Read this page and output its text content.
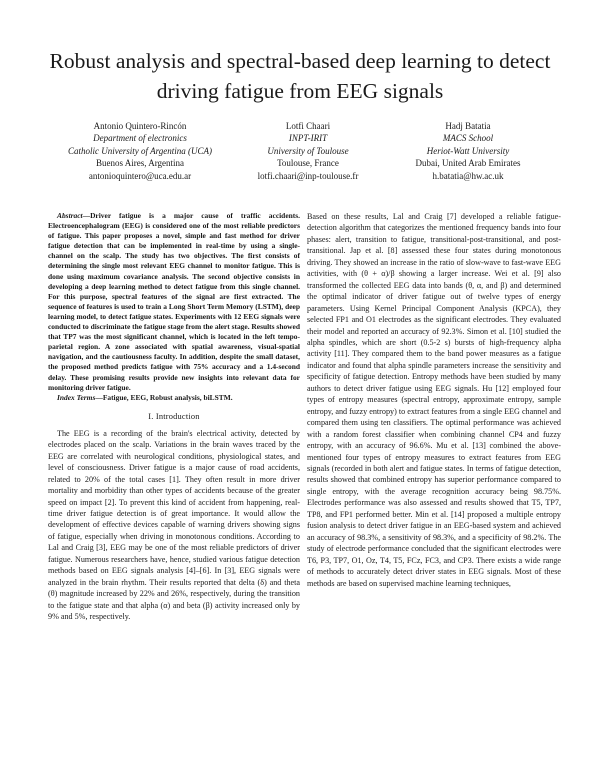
Robust analysis and spectral-based deep learning to detect driving fatigue from EEG signals
Antonio Quintero-Rincón
Department of electronics
Catholic University of Argentina (UCA)
Buenos Aires, Argentina
antonioquintero@uca.edu.ar
Lotfi Chaari
INPT-IRIT
University of Toulouse
Toulouse, France
lotfi.chaari@inp-toulouse.fr
Hadj Batatia
MACS School
Heriot-Watt University
Dubai, United Arab Emirates
h.batatia@hw.ac.uk

Abstract—Driver fatigue is a major cause of traffic accidents. Electroencephalogram (EEG) is considered one of the most reliable predictors of fatigue. This paper proposes a novel, simple and fast method for driver fatigue detection that can be implemented in real-time by using a single-channel on the scalp. The study has two objectives. The first consists of determining the single most relevant EEG channel to monitor fatigue. This is done using maximum covariance analysis. The second objective consists in developing a deep learning method to detect fatigue from this single channel. For this purpose, spectral features of the signal are first extracted. The sequence of features is used to train a Long Short Term Memory (LSTM), deep learning model, to detect fatigue states. Experiments with 12 EEG signals were conducted to discriminate the fatigue stage from the alert stage. Results showed that TP7 was the most significant channel, which is located in the left tempo-parietal region. A zone associated with spatial awareness, visual-spatial navigation, and the cautiousness faculty. In addition, despite the small dataset, the proposed method predicts fatigue with 75% accuracy and a 1.4-second delay. These promising results provide new insights into relevant data for monitoring driver fatigue.

Index Terms—Fatigue, EEG, Robust analysis, biLSTM.

I. Introduction

The EEG is a recording of the brain's electrical activity, detected by electrodes placed on the scalp. Variations in the brain waves traced by the EEG are correlated with neurological conditions, physiological states, and level of consciousness. Driver fatigue is a major cause of road accidents, related to 20% of the total cases [1]. They often result in more driver mortality and morbidity than other types of accidents because of the greater speed on impact [2]. To prevent this kind of accident from happening, real-time driver fatigue detection is of great importance. It would allow the development of effective devices capable of warning drivers showing signs of fatigue, especially when driving in monotonous conditions. According to Lal and Craig [3], EEG may be one of the most reliable predictors of driver fatigue. Numerous researchers have, hence, studied various fatigue detection methods based on EEG signals analysis [4]–[6]. In [3], EEG signals were analyzed in the brain rhythm. Their results reported that delta (δ) and theta (θ) magnitude increased by 22% and 26%, respectively, during the transition to the fatigue state and that alpha (α) and beta (β) activity increased only by 9% and 5%, respectively.

Based on these results, Lal and Craig [7] developed a reliable fatigue-detection algorithm that categorizes the mentioned frequency bands into four phases: alert, transition to fatigue, transitional-post-transitional, and post-transitional. Jap et al. [8] assessed these four states during monotonous driving. They showed an increase in the ratio of slow-wave to fast-wave EEG activities, with (θ + α)/β showing a larger increase. Wei et al. [9] also transformed the collected EEG data into bands (θ, α, and β) and determined the optimal indicator of driver fatigue out of twelve types of energy parameters. Using Kernel Principal Component Analysis (KPCA), they selected FP1 and O1 electrodes as the significant electrodes. They evaluated their model and reported an accuracy of 92.3%. Simon et al. [10] studied the alpha spindles, which are short (0.5-2 s) bursts of high-frequency alpha activity [11]. They compared them to the band power measures as a fatigue indicator and found that alpha spindle parameters increase the sensitivity and specificity of fatigue detection. Entropy methods have been studied by many authors to detect driver fatigue using EEG signals. Hu [12] employed four types of entropy measures (spectral entropy, approximate entropy, sample entropy, and fuzzy entropy) to extract features from a single EEG channel and compared them using ten classifiers. The optimal performance was achieved with a random forest classifier when combining channel CP4 and fuzzy entropy, with an accuracy of 96.6%. Mu et al. [13] combined the above-mentioned four types of entropy measures to extract features from EEG signals (recorded in both alert and fatigue states. In terms of fatigue detection, results showed that combined entropy has superior performance compared to single entropy, with the average recognition accuracy being 98.75%. Electrodes performance was also assessed and results showed that T5, TP7, TP8, and FP1 performed better. Min et al. [14] proposed a multiple entropy fusion analysis to detect driver fatigue in an EEG-based system and achieved an accuracy of 98.3%, a sensitivity of 98.3%, and a specificity of 98.2%. The study of electrode performance concluded that the significant electrodes were T6, P3, TP7, O1, Oz, T4, T5, FCz, FC3, and CP3. There exists a wide range of methods to accurately detect driver states in EEG signals. Most of these methods are based on supervised machine learning techniques,
